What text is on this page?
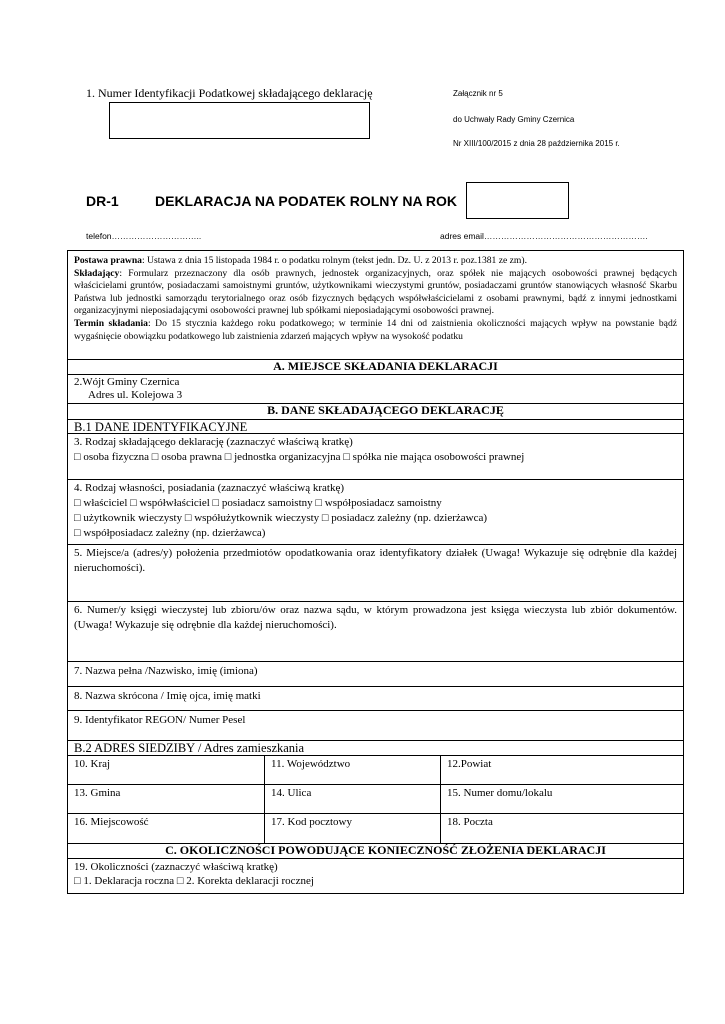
1. Numer Identyfikacji Podatkowej składającego deklarację	Załącznik nr 5
do Uchwały Rady Gminy Czernica
Nr XIII/100/2015 z dnia 28 października 2015 r.
DR-1	DEKLARACJA NA PODATEK ROLNY NA ROK
telefon…………………………..	adres email………………………………………………….
Postawa prawna: Ustawa z dnia 15 listopada 1984 r. o podatku rolnym (tekst jedn. Dz. U. z 2013 r. poz.1381 ze zm).
Składający: Formularz przeznaczony dla osób prawnych, jednostek organizacyjnych, oraz spółek nie mających osobowości prawnej będących właścicielami gruntów, posiadaczami samoistnymi gruntów, użytkownikami wieczystymi gruntów, posiadaczami gruntów stanowiących własność Skarbu Państwa lub jednostki samorządu terytorialnego oraz osób fizycznych będących współwłaścicielami z osobami prawnymi, bądź z innymi jednostkami organizacyjnymi nieposiadającymi osobowości prawnej lub spółkami nieposiadającymi osobowości prawnej.
Termin składania: Do 15 stycznia każdego roku podatkowego; w terminie 14 dni od zaistnienia okoliczności mających wpływ na powstanie bądź wygaśnięcie obowiązku podatkowego lub zaistnienia zdarzeń mających wpływ na wysokość podatku
A. MIEJSCE SKŁADANIA DEKLARACJI
2.Wójt Gminy Czernica
Adres ul. Kolejowa 3
B. DANE SKŁADAJĄCEGO DEKLARACJĘ
B.1 DANE IDENTYFIKACYJNE
3. Rodzaj składającego deklarację (zaznaczyć właściwą kratkę)
□ osoba fizyczna □ osoba prawna □ jednostka organizacyjna □ spółka nie mająca osobowości prawnej
4. Rodzaj własności, posiadania (zaznaczyć właściwą kratkę)
□ właściciel □ współwłaściciel □ posiadacz samoistny □ współposiadacz samoistny
□ użytkownik wieczysty □ współużytkownik wieczysty □ posiadacz zależny (np. dzierżawca)
□ współposiadacz zależny (np. dzierżawca)
5. Miejsce/a (adres/y) położenia przedmiotów opodatkowania oraz identyfikatory działek (Uwaga! Wykazuje się odrębnie dla każdej nieruchomości).
6. Numer/y księgi wieczystej lub zbioru/ów oraz nazwa sądu, w którym prowadzona jest księga wieczysta lub zbiór dokumentów. (Uwaga! Wykazuje się odrębnie dla każdej nieruchomości).
7. Nazwa pełna /Nazwisko, imię (imiona)
8. Nazwa skrócona / Imię ojca, imię matki
9. Identyfikator REGON/ Numer Pesel
B.2 ADRES SIEDZIBY / Adres zamieszkania
10. Kraj	11. Województwo	12.Powiat
13. Gmina	14. Ulica	15. Numer domu/lokalu
16. Miejscowość	17. Kod pocztowy	18. Poczta
C. OKOLICZNOŚCI POWODUJĄCE KONIECZNOŚĆ ZŁOŻENIA DEKLARACJI
19. Okoliczności (zaznaczyć właściwą kratkę)
□ 1. Deklaracja roczna □ 2. Korekta deklaracji rocznej
